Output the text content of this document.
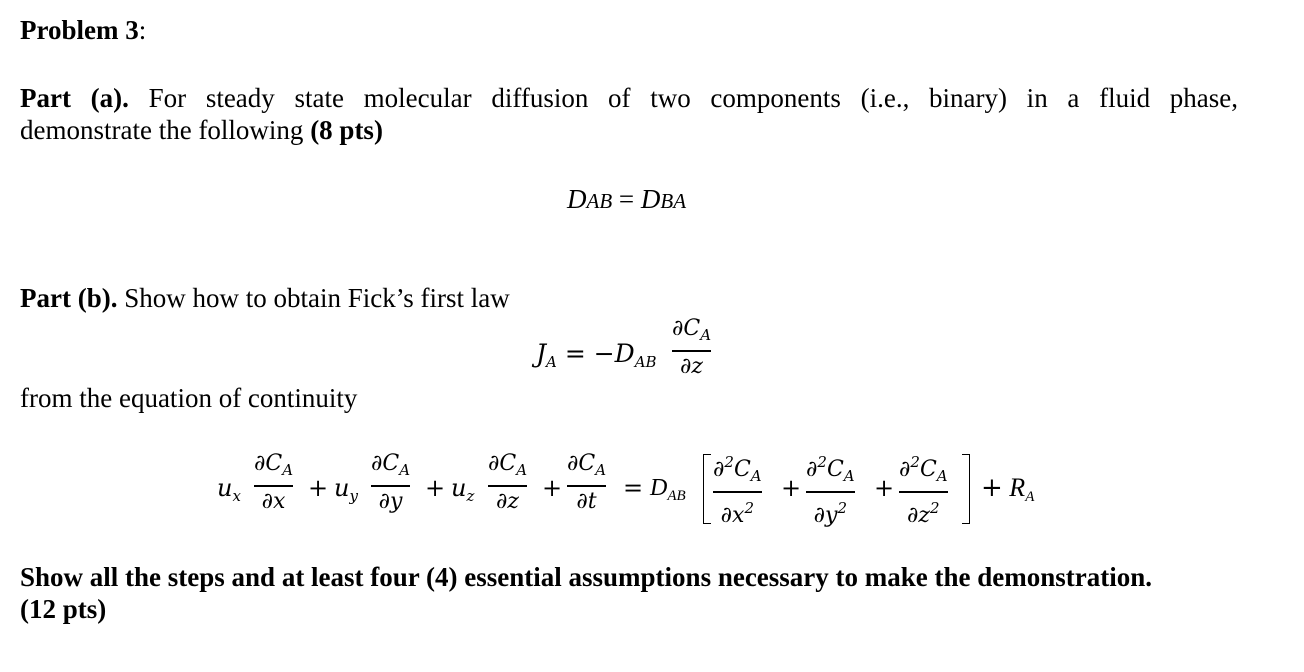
Problem 3:
Part (a). For steady state molecular diffusion of two components (i.e., binary) in a fluid phase,
demonstrate the following (8 pts)
DAB = DBA
Part (b). Show how to obtain Fick’s first law
$J_A = -D_{AB}$
$\partial C_A$
∂z
from the equation of continuity
$u_x$
$\partial C_A$
$\partial x + u_y$
$\partial C_A$
$\partial y + u_z$
$\partial C_A$
∂z +
$\partial C_A$
$\partial t = D_{AB}$
$\partial^2C_A$
$\partial x^2$
+
$\partial^2C_A$
$\partial y^2$
+
$\partial^2C_A$
$\partial z^2$
+ $R_A$
Show all the steps and at least four (4) essential assumptions necessary to make the demonstration.
(12 pts)
